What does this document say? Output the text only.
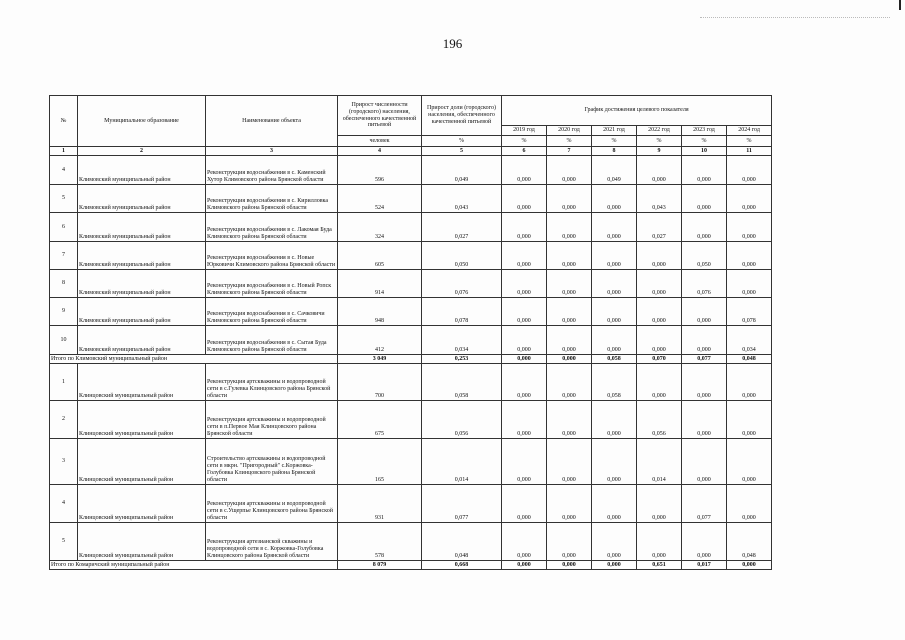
196
№	Муниципальное образование	Наименование объекта	Прирост численности (городского) населения, обеспеченного качественной питьевой	Прирост доли (городского) населения, обеспеченного качественной питьевой	График достижения целевого показателя					
					2019 год	2020 год	2021 год	2022 год	2023 год	2024 год
			человек	%	%	%	%	%	%	%
1	2	3	4	5	6	7	8	9	10	11
4	Климовский муниципальный район	Реконструкция водоснабжения в с. Каменский Хутор Климовского района Брянской области	596	0,049	0,000	0,000	0,049	0,000	0,000	0,000
5	Климовский муниципальный район	Реконструкция водоснабжения в с. Кирилловка Климовского района Брянской области	524	0,043	0,000	0,000	0,000	0,043	0,000	0,000
6	Климовский муниципальный район	Реконструкция водоснабжения в с. Лакомая Буда Климовского района Брянской области	324	0,027	0,000	0,000	0,000	0,027	0,000	0,000
7	Климовский муниципальный район	Реконструкция водоснабжения в с. Новые Юрковичи Климовского района Брянской области	605	0,050	0,000	0,000	0,000	0,000	0,050	0,000
8	Климовский муниципальный район	Реконструкция водоснабжения в с. Новый Ропск Климовского района Брянской области	914	0,076	0,000	0,000	0,000	0,000	0,076	0,000
9	Климовский муниципальный район	Реконструкция водоснабжения в с. Сачковичи Климовского района Брянской области	948	0,078	0,000	0,000	0,000	0,000	0,000	0,078
10	Климовский муниципальный район	Реконструкция водоснабжения в с. Сытая Буда Климовского района Брянской области	412	0,034	0,000	0,000	0,000	0,000	0,000	0,034
Итого по Климовский муниципальный район			3 049	0,253	0,000	0,000	0,058	0,070	0,077	0,048
1	Клинцовский муниципальный район	Реконструкция артскважины и водопроводной сети в с.Гулевка Клинцовского района Брянской области	700	0,058	0,000	0,000	0,058	0,000	0,000	0,000
2	Клинцовский муниципальный район	Реконструкция артскважины и водопроводной сети в п.Первое Мая Клинцовского района Брянской области	675	0,056	0,000	0,000	0,000	0,056	0,000	0,000
3	Клинцовский муниципальный район	Строительство артскважины и водопроводной сети в мкрн. "Пригородный" с.Коржовка-Голубовка Клинцовского района Брянской области	165	0,014	0,000	0,000	0,000	0,014	0,000	0,000
4	Клинцовский муниципальный район	Реконструкция артскважины и водопроводной сети в с.Ущерпье Клинцовского района Брянской области	931	0,077	0,000	0,000	0,000	0,000	0,077	0,000
5	Клинцовский муниципальный район	Реконструкция артезианской скважины и водопроводной сети в с. Коржовка-Голубовка Клинцовского района Брянской области	578	0,048	0,000	0,000	0,000	0,000	0,000	0,048
Итого по Комаричский муниципальный район			8 079	0,668	0,000	0,000	0,000	0,651	0,017	0,000
